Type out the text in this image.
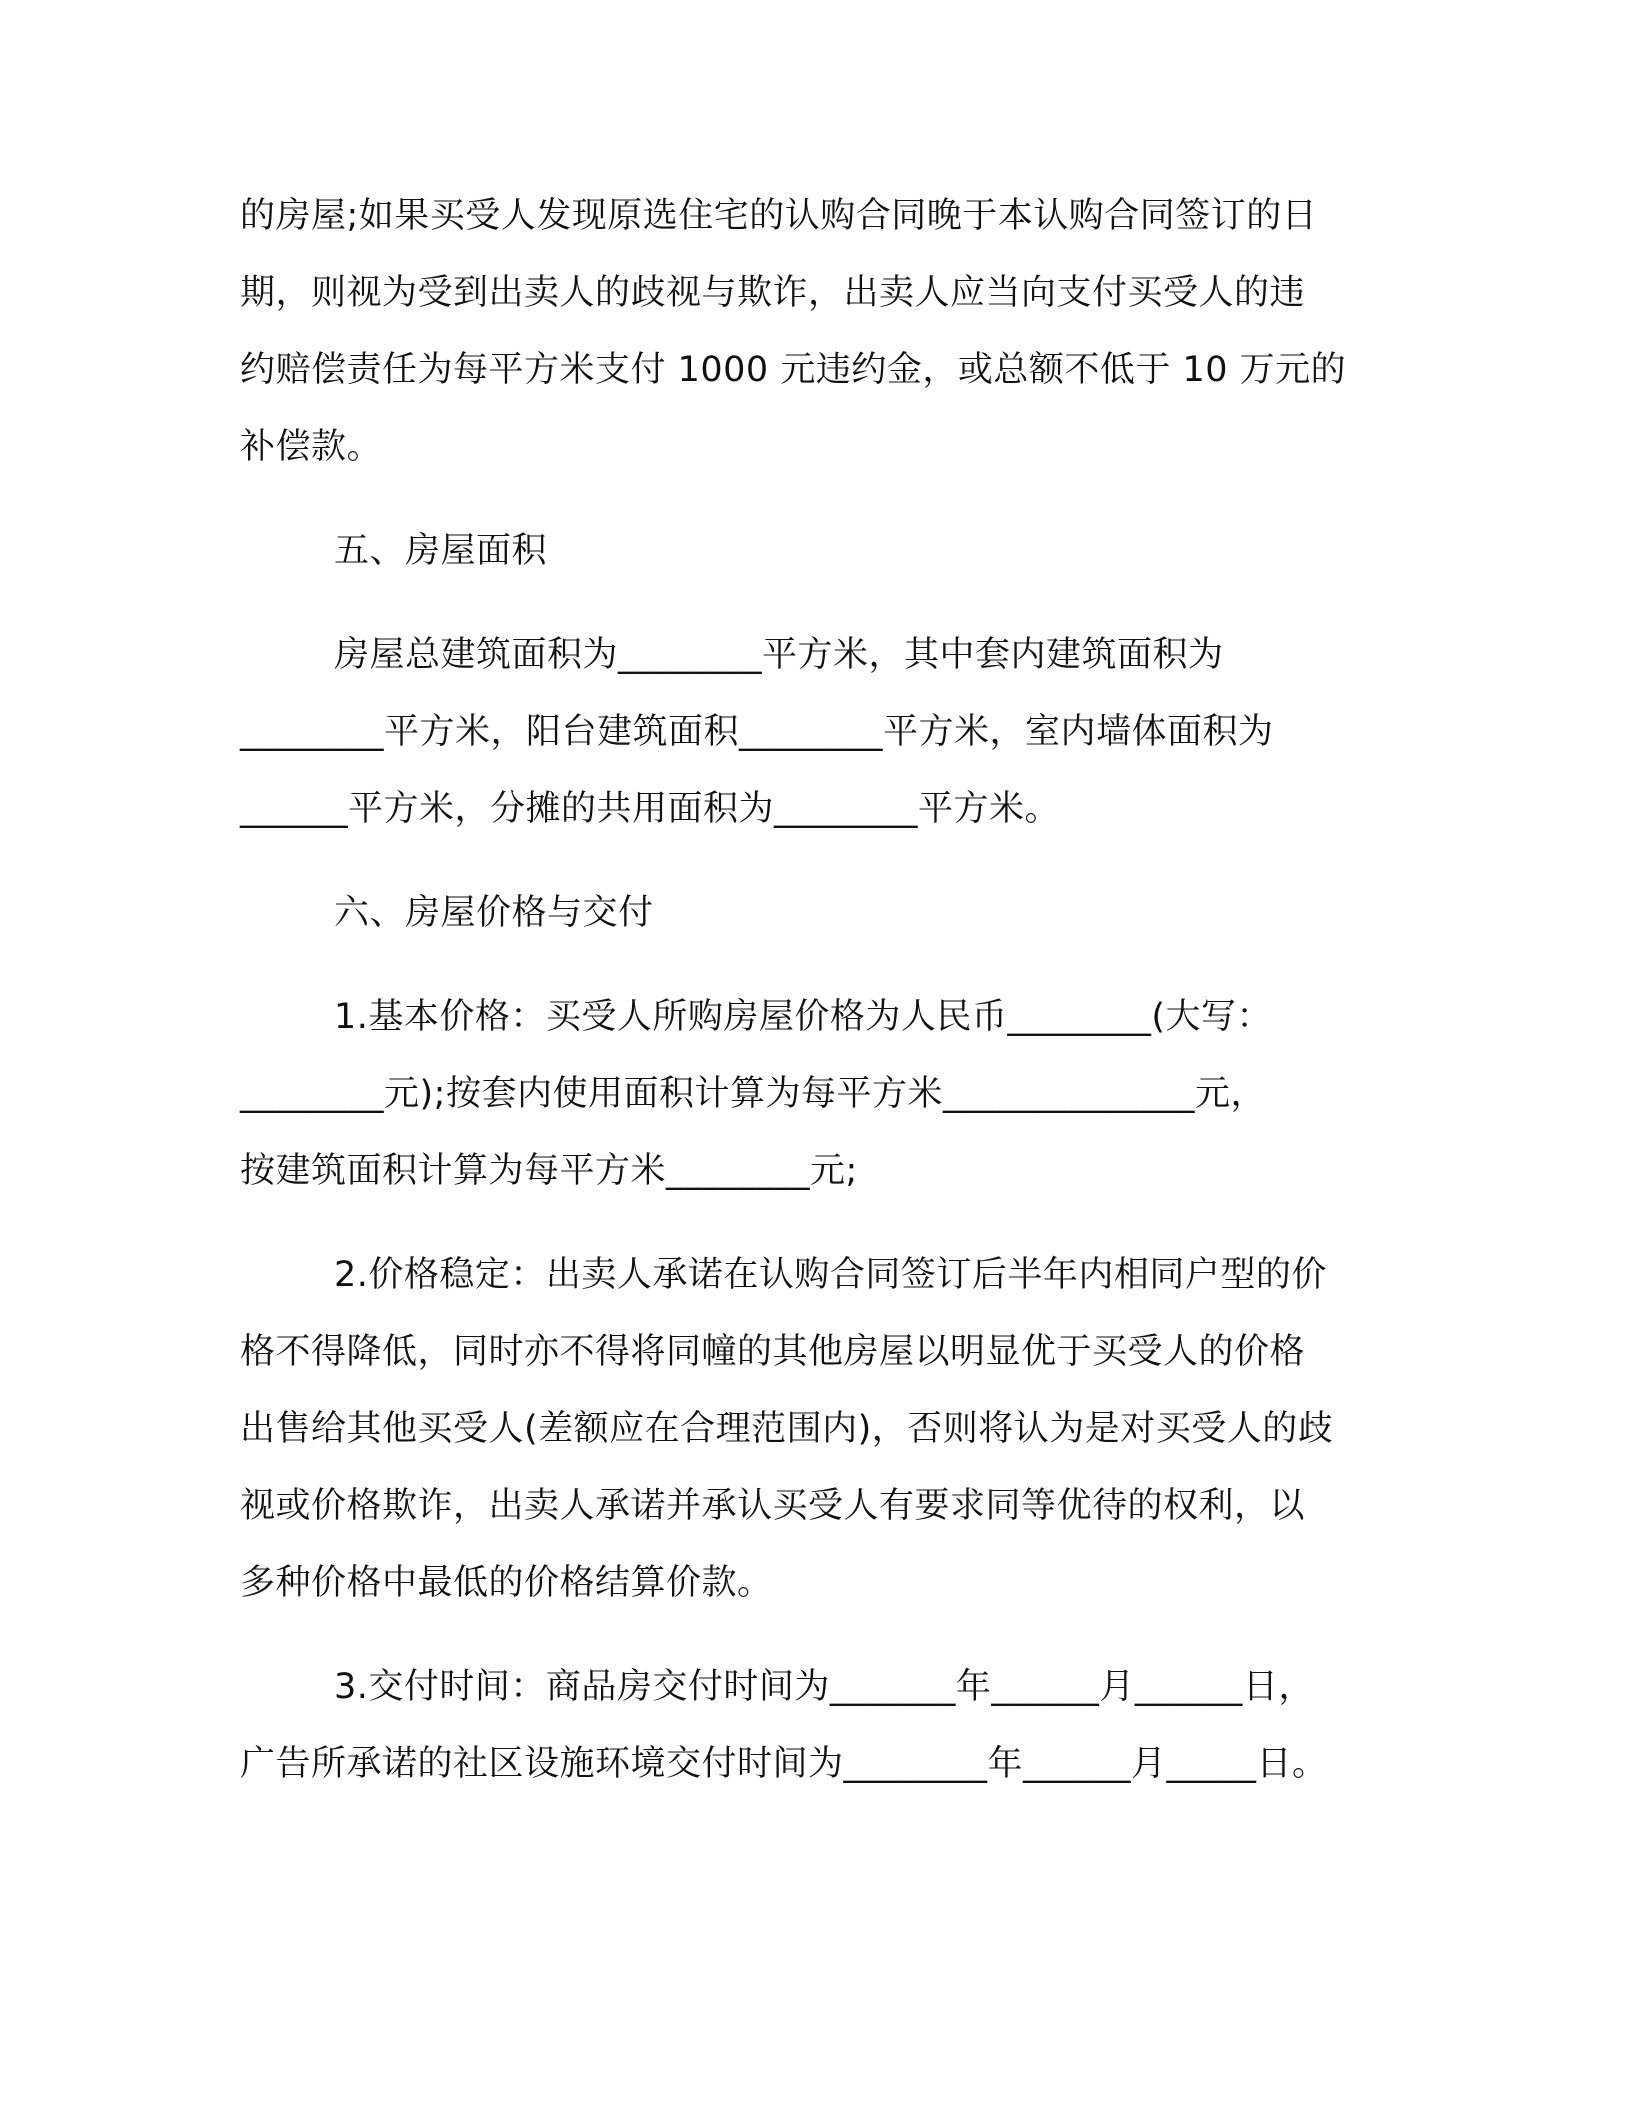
的房屋;如果买受人发现原选住宅的认购合同晚于本认购合同签订的日

期，则视为受到出卖人的歧视与欺诈，出卖人应当向支付买受人的违

约赔偿责任为每平方米支付 1000 元违约金，或总额不低于 10 万元的

补偿款。

五、房屋面积

房屋总建筑面积为________平方米，其中套内建筑面积为

________平方米，阳台建筑面积________平方米，室内墙体面积为

______平方米，分摊的共用面积为________平方米。

六、房屋价格与交付

1.基本价格：买受人所购房屋价格为人民币________(大写：

________元);按套内使用面积计算为每平方米______________元，

按建筑面积计算为每平方米________元;

2.价格稳定：出卖人承诺在认购合同签订后半年内相同户型的价

格不得降低，同时亦不得将同幢的其他房屋以明显优于买受人的价格

出售给其他买受人(差额应在合理范围内)，否则将认为是对买受人的歧

视或价格欺诈，出卖人承诺并承认买受人有要求同等优待的权利，以

多种价格中最低的价格结算价款。

3.交付时间：商品房交付时间为_______年______月______日，

广告所承诺的社区设施环境交付时间为________年______月_____日。
